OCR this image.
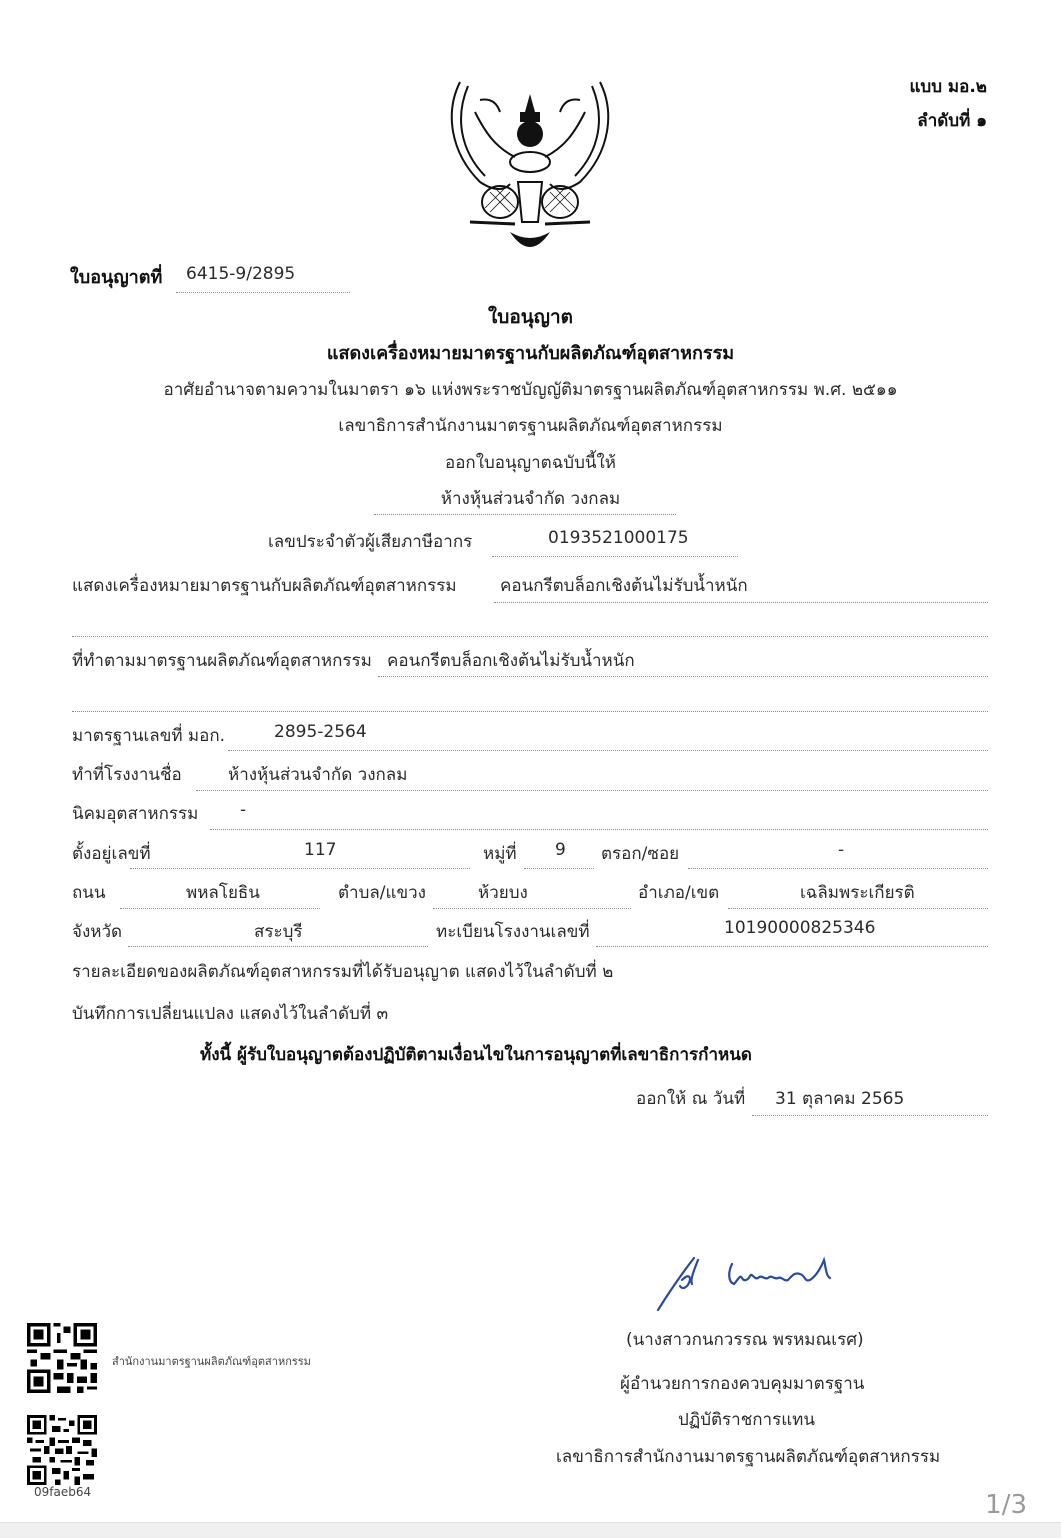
แบบ มอ.๒
ลำดับที่ ๑
ใบอนุญาตที่ 6415-9/2895
ใบอนุญาต
แสดงเครื่องหมายมาตรฐานกับผลิตภัณฑ์อุตสาหกรรม
อาศัยอำนาจตามความในมาตรา ๑๖ แห่งพระราชบัญญัติมาตรฐานผลิตภัณฑ์อุตสาหกรรม พ.ศ. ๒๕๑๑
เลขาธิการสำนักงานมาตรฐานผลิตภัณฑ์อุตสาหกรรม
ออกใบอนุญาตฉบับนี้ให้
ห้างหุ้นส่วนจำกัด วงกลม
เลขประจำตัวผู้เสียภาษีอากร	0193521000175
แสดงเครื่องหมายมาตรฐานกับผลิตภัณฑ์อุตสาหกรรม	คอนกรีตบล็อกเชิงต้นไม่รับน้ำหนัก
ที่ทำตามมาตรฐานผลิตภัณฑ์อุตสาหกรรม คอนกรีตบล็อกเชิงต้นไม่รับน้ำหนัก
มาตรฐานเลขที่ มอก.	2895-2564
ทำที่โรงงานชื่อ	ห้างหุ้นส่วนจำกัด วงกลม
นิคมอุตสาหกรรม -
ตั้งอยู่เลขที่	117	หมู่ที่ 9 ตรอก/ซอย	-
ถนน	พหลโยธิน	ตำบล/แขวง	ห้วยบง	อำเภอ/เขต	เฉลิมพระเกียรติ
จังหวัด	สระบุรี	ทะเบียนโรงงานเลขที่	10190000825346
รายละเอียดของผลิตภัณฑ์อุตสาหกรรมที่ได้รับอนุญาต แสดงไว้ในลำดับที่ ๒
บันทึกการเปลี่ยนแปลง แสดงไว้ในลำดับที่ ๓
ทั้งนี้ ผู้รับใบอนุญาตต้องปฏิบัติตามเงื่อนไขในการอนุญาตที่เลขาธิการกำหนด
ออกให้ ณ วันที่ 31 ตุลาคม 2565
(นางสาวกนกวรรณ พรหมณเรศ)
ผู้อำนวยการกองควบคุมมาตรฐาน
ปฏิบัติราชการแทน
เลขาธิการสำนักงานมาตรฐานผลิตภัณฑ์อุตสาหกรรม
สำนักงานมาตรฐานผลิตภัณฑ์อุตสาหกรรม
09faeb64	1/3
